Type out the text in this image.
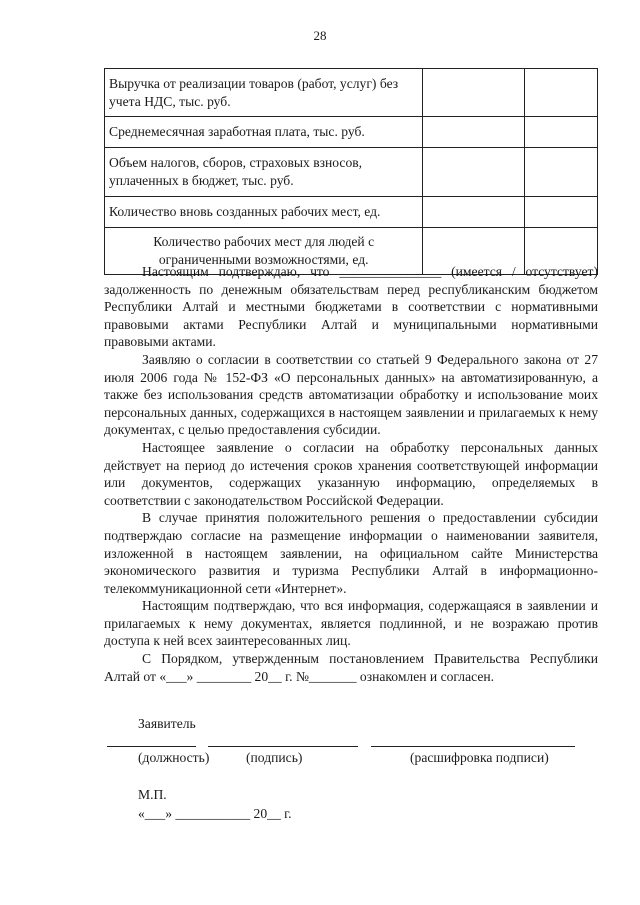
28
Выручка от реализации товаров (работ, услуг) без учета НДС, тыс. руб.		
Среднемесячная заработная плата, тыс. руб.		
Объем налогов, сборов, страховых взносов, уплаченных в бюджет, тыс. руб.		
Количество вновь созданных рабочих мест, ед.		
Количество рабочих мест для людей с ограниченными возможностями, ед.		

Настоящим подтверждаю, что _______________ (имеется / отсутствует) задолженность по денежным обязательствам перед республиканским бюджетом Республики Алтай и местными бюджетами в соответствии с нормативными правовыми актами Республики Алтай и муниципальными нормативными правовыми актами.

Заявляю о согласии в соответствии со статьей 9 Федерального закона от 27 июля 2006 года № 152-ФЗ «О персональных данных» на автоматизированную, а также без использования средств автоматизации обработку и использование моих персональных данных, содержащихся в настоящем заявлении и прилагаемых к нему документах, с целью предоставления субсидии.

Настоящее заявление о согласии на обработку персональных данных действует на период до истечения сроков хранения соответствующей информации или документов, содержащих указанную информацию, определяемых в соответствии с законодательством Российской Федерации.

В случае принятия положительного решения о предоставлении субсидии подтверждаю согласие на размещение информации о наименовании заявителя, изложенной в настоящем заявлении, на официальном сайте Министерства экономического развития и туризма Республики Алтай в информационно-телекоммуникационной сети «Интернет».

Настоящим подтверждаю, что вся информация, содержащаяся в заявлении и прилагаемых к нему документах, является подлинной, и не возражаю против доступа к ней всех заинтересованных лиц.

С Порядком, утвержденным постановлением Правительства Республики Алтай от «___» ________ 20__ г. №_______ ознакомлен и согласен.

Заявитель
(должность)	(подпись)	(расшифровка подписи)
М.П.
«___» ___________ 20__ г.
